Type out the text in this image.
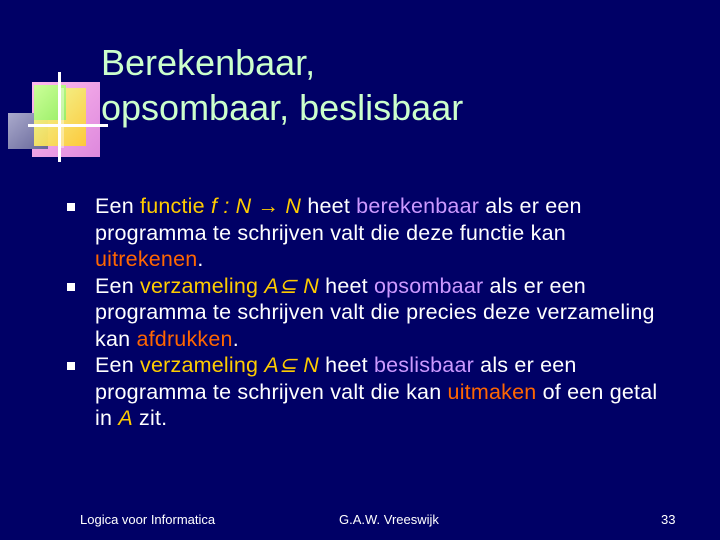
Berekenbaar,
opsombaar, beslisbaar
Een functie f : N → N heet berekenbaar als er een programma te schrijven valt die deze functie kan uitrekenen.
Een verzameling A⊆ N heet opsombaar als er een programma te schrijven valt die precies deze verzameling kan afdrukken.
Een verzameling A⊆ N heet beslisbaar als er een programma te schrijven valt die kan uitmaken of een getal in A zit.
Logica voor Informatica	G.A.W. Vreeswijk	33
